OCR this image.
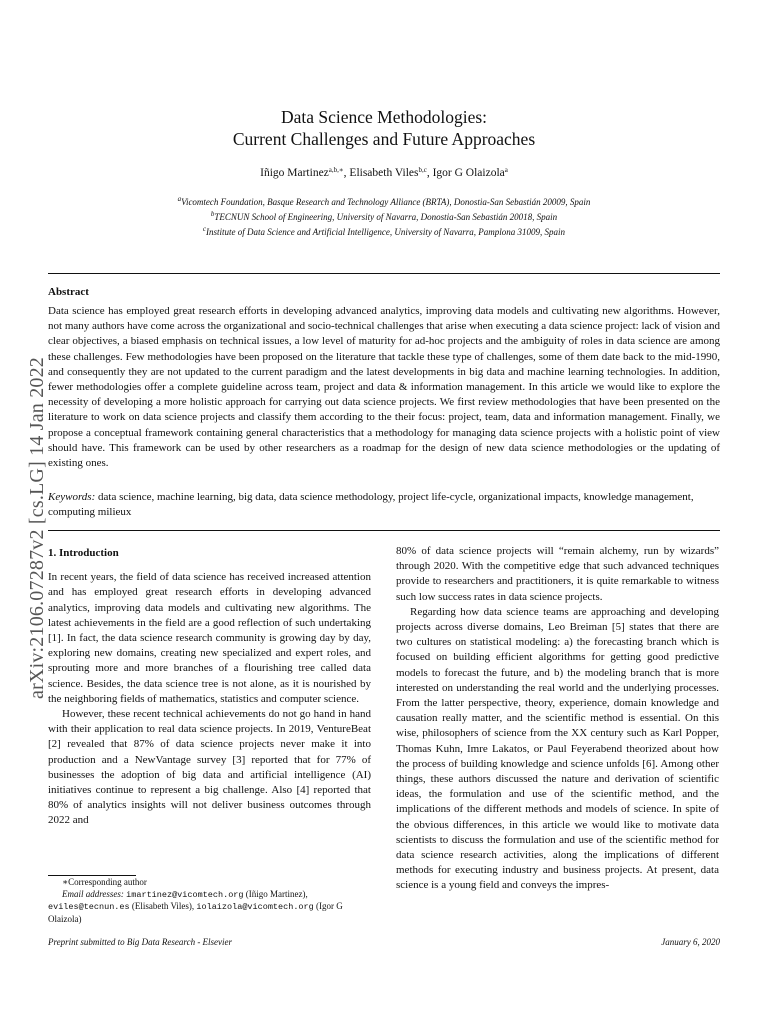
arXiv:2106.07287v2 [cs.LG] 14 Jan 2022
Data Science Methodologies:
Current Challenges and Future Approaches
Iñigo Martinez$^{a,b,∗}$, Elisabeth Viles$^{b,c}$, Igor G Olaizola$^a$
$^a$Vicomtech Foundation, Basque Research and Technology Alliance (BRTA), Donostia-San Sebastián 20009, Spain
$^b$TECNUN School of Engineering, University of Navarra, Donostia-San Sebastián 20018, Spain
$^c$Institute of Data Science and Artificial Intelligence, University of Navarra, Pamplona 31009, Spain
Abstract

Data science has employed great research efforts in developing advanced analytics, improving data models and cultivating new algorithms. However, not many authors have come across the organizational and socio-technical challenges that arise when executing a data science project: lack of vision and clear objectives, a biased emphasis on technical issues, a low level of maturity for ad-hoc projects and the ambiguity of roles in data science are among these challenges. Few methodologies have been proposed on the literature that tackle these type of challenges, some of them date back to the mid-1990, and consequently they are not updated to the current paradigm and the latest developments in big data and machine learning technologies. In addition, fewer methodologies offer a complete guideline across team, project and data & information management. In this article we would like to explore the necessity of developing a more holistic approach for carrying out data science projects. We first review methodologies that have been presented on the literature to work on data science projects and classify them according to the their focus: project, team, data and information management. Finally, we propose a conceptual framework containing general characteristics that a methodology for managing data science projects with a holistic point of view should have. This framework can be used by other researchers as a roadmap for the design of new data science methodologies or the updating of existing ones.

Keywords: data science, machine learning, big data, data science methodology, project life-cycle, organizational impacts, knowledge management, computing milieux

1. Introduction

In recent years, the field of data science has received increased attention and has employed great research efforts in developing advanced analytics, improving data models and cultivating new algorithms. The latest achievements in the field are a good reflection of such undertaking [1]. In fact, the data science research community is growing day by day, exploring new domains, creating new specialized and expert roles, and sprouting more and more branches of a flourishing tree called data science. Besides, the data science tree is not alone, as it is nourished by the neighboring fields of mathematics, statistics and computer science.

However, these recent technical achievements do not go hand in hand with their application to real data science projects. In 2019, VentureBeat [2] revealed that 87% of data science projects never make it into production and a NewVantage survey [3] reported that for 77% of businesses the adoption of big data and artificial intelligence (AI) initiatives continue to represent a big challenge. Also [4] reported that 80% of analytics insights will not deliver business outcomes through 2022 and

80% of data science projects will “remain alchemy, run by wizards” through 2020. With the competitive edge that such advanced techniques provide to researchers and practitioners, it is quite remarkable to witness such low success rates in data science projects.

Regarding how data science teams are approaching and developing projects across diverse domains, Leo Breiman [5] states that there are two cultures on statistical modeling: a) the forecasting branch which is focused on building efficient algorithms for getting good predictive models to forecast the future, and b) the modeling branch that is more interested on understanding the real world and the underlying processes. From the latter perspective, theory, experience, domain knowledge and causation really matter, and the scientific method is essential. On this wise, philosophers of science from the XX century such as Karl Popper, Thomas Kuhn, Imre Lakatos, or Paul Feyerabend theorized about how the process of building knowledge and science unfolds [6]. Among other things, these authors discussed the nature and derivation of scientific ideas, the formulation and use of the scientific method, and the implications of the different methods and models of science. In spite of the obvious differences, in this article we would like to motivate data scientists to discuss the formulation and use of the scientific method for data science research activities, along the implications of different methods for executing industry and business projects. At present, data science is a young field and conveys the impres-

∗Corresponding author

Email addresses: imartinez@vicomtech.org (Iñigo Martinez), eviles@tecnun.es (Elisabeth Viles), iolaizola@vicomtech.org (Igor G Olaizola)

Preprint submitted to Big Data Research - Elsevier	January 6, 2020
